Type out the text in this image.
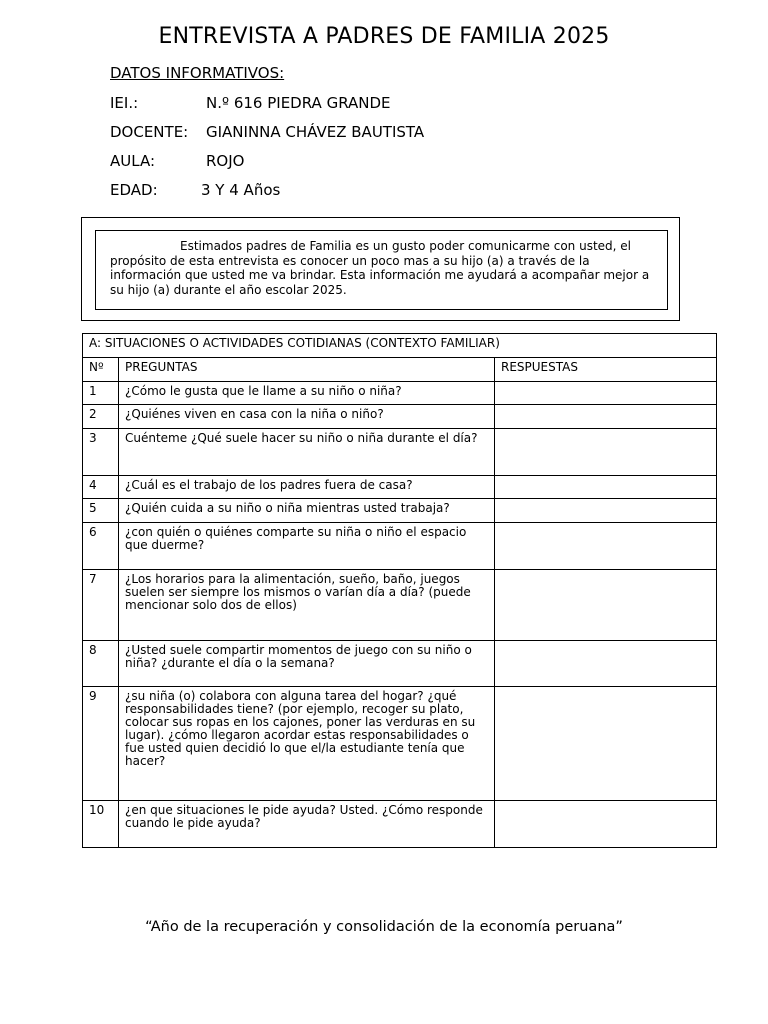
ENTREVISTA A PADRES DE FAMILIA 2025
DATOS INFORMATIVOS:
IEI.:	N.º 616 PIEDRA GRANDE
DOCENTE: GIANINNA CHÁVEZ BAUTISTA
AULA:	ROJO
EDAD:	3 Y 4 Años
Estimados padres de Familia es un gusto poder comunicarme con usted, el propósito de esta entrevista es conocer un poco mas a su hijo (a) a través de la información que usted me va brindar. Esta información me ayudará a acompañar mejor a su hijo (a) durante el año escolar 2025.
A: SITUACIONES O ACTIVIDADES COTIDIANAS (CONTEXTO FAMILIAR)		
Nº	PREGUNTAS	RESPUESTAS
1	¿Cómo le gusta que le llame a su niño o niña?	
2	¿Quiénes viven en casa con la niña o niño?	
3	Cuénteme ¿Qué suele hacer su niño o niña durante el día?	
4	¿Cuál es el trabajo de los padres fuera de casa?	
5	¿Quién cuida a su niño o niña mientras usted trabaja?	
6	¿con quién o quiénes comparte su niña o niño el espacio que duerme?	
7	¿Los horarios para la alimentación, sueño, baño, juegos suelen ser siempre los mismos o varían día a día? (puede mencionar solo dos de ellos)	
8	¿Usted suele compartir momentos de juego con su niño o niña? ¿durante el día o la semana?	
9	¿su niña (o) colabora con alguna tarea del hogar? ¿qué responsabilidades tiene? (por ejemplo, recoger su plato, colocar sus ropas en los cajones, poner las verduras en su lugar). ¿cómo llegaron acordar estas responsabilidades o fue usted quien decidió lo que el/la estudiante tenía que hacer?	
10	¿en que situaciones le pide ayuda? Usted. ¿Cómo responde cuando le pide ayuda?	
“Año de la recuperación y consolidación de la economía peruana”
